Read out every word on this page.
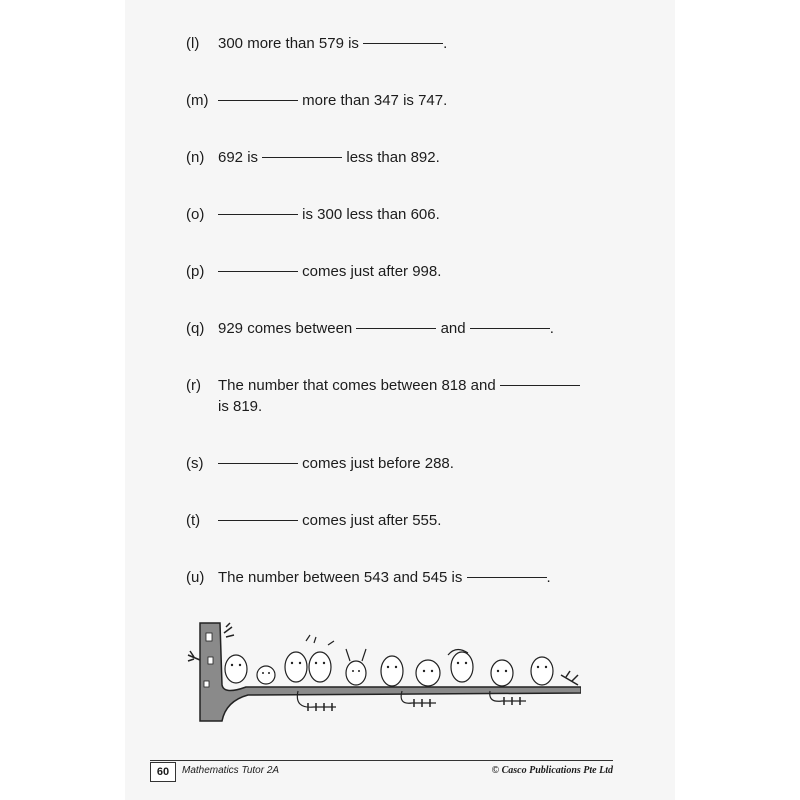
(l)	300 more than 579 is	.
(m)	more than 347 is 747.
(n) 692 is	less than 892.
(o)	is 300 less than 606.
(p)	comes just after 998.
(q) 929 comes between	and	.
(r)	The number that comes between 818 and
is 819.
(s)	comes just before 288.
(t)	comes just after 555.
(u) The number between 543 and 545 is	.
60	Mathematics Tutor 2A	© Casco Publications Pte Ltd
